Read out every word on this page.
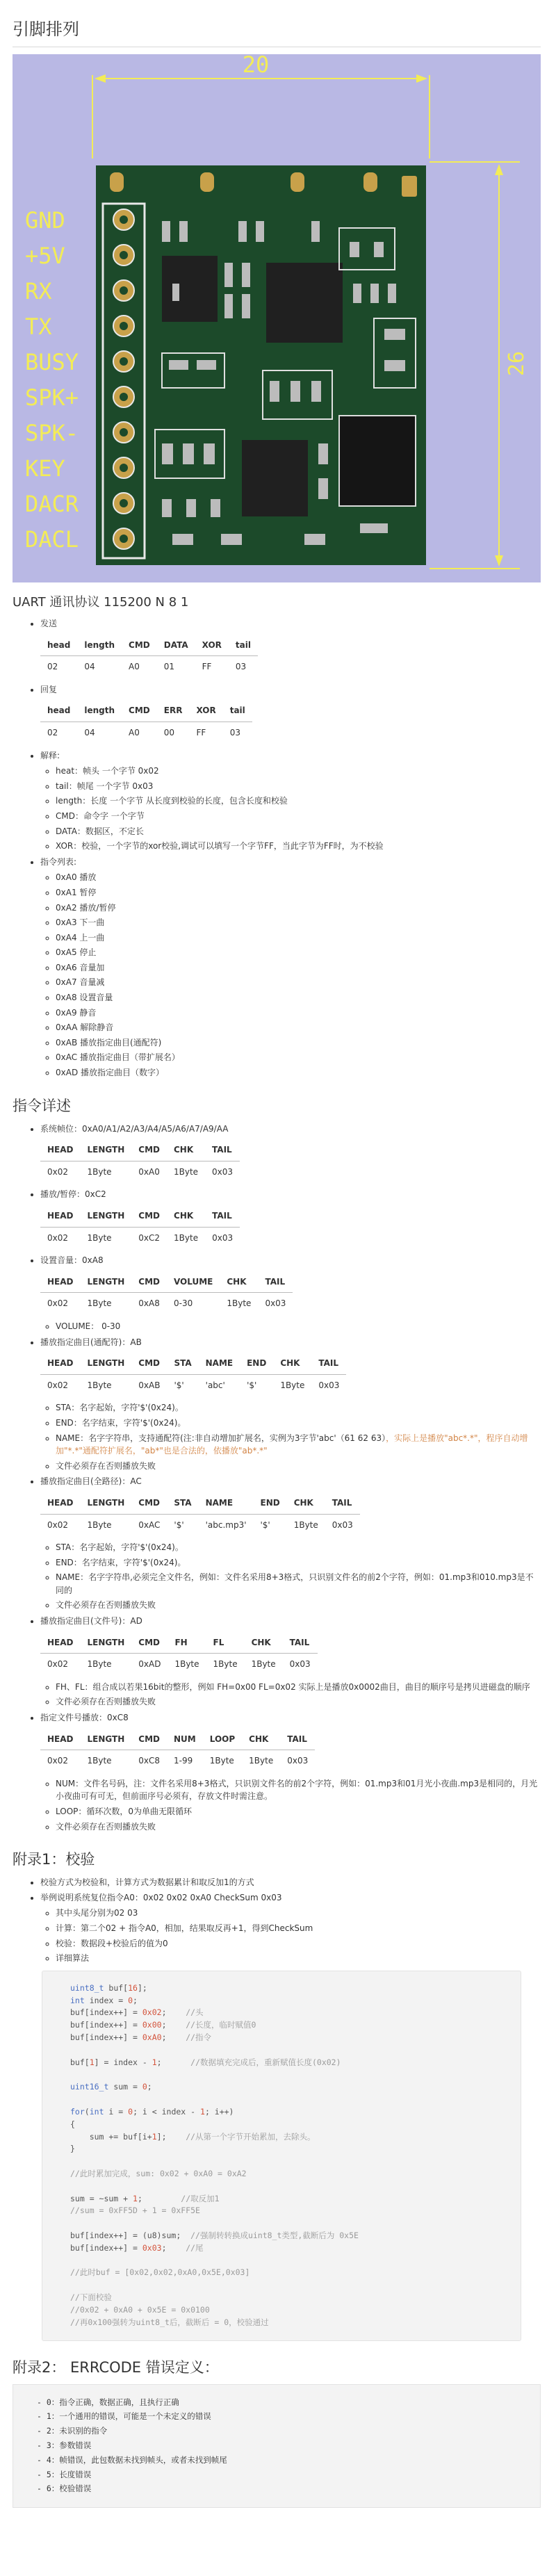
引脚排列
20
26
GND
+5V
RX
TX
BUSY
SPK+
SPK-
KEY
DACR
DACL
UART 通讯协议 115200 N 8 1
• 发送
head	length	CMD	DATA	XOR	tail
02	04	A0	01	FF	03
• 回复
head	length	CMD	ERR	XOR	tail
02	04	A0	00	FF	03
• 解释:
◦ heat：帧头 一个字节 0x02
◦ tail：帧尾 一个字节 0x03
◦ length：长度 一个字节 从长度到校验的长度，包含长度和校验
◦ CMD：命令字 一个字节
◦ DATA：数据区，不定长
◦ XOR：校验，一个字节的xor校验,调试可以填写一个字节FF，当此字节为FF时，为不校验
• 指令列表:
◦ 0xA0 播放
◦ 0xA1 暂停
◦ 0xA2 播放/暂停
◦ 0xA3 下一曲
◦ 0xA4 上一曲
◦ 0xA5 停止
◦ 0xA6 音量加
◦ 0xA7 音量减
◦ 0xA8 设置音量
◦ 0xA9 静音
◦ 0xAA 解除静音
◦ 0xAB 播放指定曲目(通配符)
◦ 0xAC 播放指定曲目（带扩展名）
◦ 0xAD 播放指定曲目（数字）
指令详述
• 系统帧位：0xA0/A1/A2/A3/A4/A5/A6/A7/A9/AA
HEAD	LENGTH	CMD	CHK	TAIL
0x02	1Byte	0xA0	1Byte	0x03
• 播放/暂停：0xC2
HEAD	LENGTH	CMD	CHK	TAIL
0x02	1Byte	0xC2	1Byte	0x03
• 设置音量：0xA8
HEAD	LENGTH	CMD	VOLUME	CHK	TAIL
0x02	1Byte	0xA8	0-30	1Byte	0x03
◦ VOLUME： 0-30
• 播放指定曲目(通配符)：AB
HEAD	LENGTH	CMD	STA	NAME	END	CHK	TAIL
0x02	1Byte	0xAB	'$'	'abc'	'$'	1Byte	0x03
◦ STA：名字起始，字符'$'(0x24)。
◦ END：名字结束，字符'$'(0x24)。
◦ NAME：名字字符串，支持通配符(注:非自动增加扩展名，实例为3字节'abc'（61 62 63），实际上是播放"abc*.*"，程序自动增加"*.*"通配符扩展名，"ab*"也是合法的，依播放"ab*.*"
◦ 文件必须存在否则播放失败
• 播放指定曲目(全路径)：AC
HEAD	LENGTH	CMD	STA	NAME	END	CHK	TAIL
0x02	1Byte	0xAC	'$'	'abc.mp3'	'$'	1Byte	0x03
◦ STA：名字起始，字符'$'(0x24)。
◦ END：名字结束，字符'$'(0x24)。
◦ NAME：名字字符串,必须完全文件名，例如：文件名采用8+3格式，只识别文件名的前2个字符，例如：01.mp3和010.mp3是不同的
◦ 文件必须存在否则播放失败
• 播放指定曲目(文件号)：AD
HEAD	LENGTH	CMD	FH	FL	CHK	TAIL
0x02	1Byte	0xAD	1Byte	1Byte	1Byte	0x03
◦ FH、FL：组合成以若果16bit的整形，例如 FH=0x00 FL=0x02 实际上是播放0x0002曲目，曲目的顺序号是拷贝进磁盘的顺序
◦ 文件必须存在否则播放失败
• 指定文件号播放：0xC8
HEAD	LENGTH	CMD	NUM	LOOP	CHK	TAIL
0x02	1Byte	0xC8	1-99	1Byte	1Byte	0x03
◦ NUM：文件名号码，注：文件名采用8+3格式，只识别文件名的前2个字符，例如：01.mp3和01月光小夜曲.mp3是相同的，月光小夜曲可有可无，但前面序号必须有，存放文件时需注意。
◦ LOOP：循环次数，0为单曲无限循环
◦ 文件必须存在否则播放失败
附录1：校验
• 校验方式为校验和，计算方式为数据累计和取反加1的方式
• 举例说明系统复位指令A0：0x02 0x02 0xA0 CheckSum 0x03
◦ 其中头尾分别为02 03
◦ 计算：第二个02 + 指令A0，相加，结果取反再+1，得到CheckSum
◦ 校验：数据段+校验后的值为0
◦ 详细算法
uint8_t buf[16];
int index = 0;
buf[index++] = 0x02;    //头
buf[index++] = 0x00;    //长度，临时赋值0
buf[index++] = 0xA0;    //指令

buf[1] = index - 1;      //数据填充完成后，重新赋值长度(0x02)

uint16_t sum = 0;

for(int i = 0; i < index - 1; i++)
{
sum += buf[i+1];    //从第一个字节开始累加，去除头。
}

//此时累加完成，sum: 0x02 + 0xA0 = 0xA2

sum = ~sum + 1;        //取反加1
//sum = 0xFF5D + 1 = 0xFF5E

buf[index++] = (u8)sum;  //强制转转换成uint8_t类型,截断后为 0x5E
buf[index++] = 0x03;    //尾

//此时buf = [0x02,0x02,0xA0,0x5E,0x03]

//下面校验
//0x02 + 0xA0 + 0x5E = 0x0100
//再0x100强转为uint8_t后，截断后 = 0，校验通过
附录2： ERRCODE 错误定义：
- 0：指令正确，数据正确，且执行正确
- 1：一个通用的错误，可能是一个未定义的错误
- 2：未识别的指令
- 3：参数错误
- 4：帧错误，此包数据未找到帧头，或者未找到帧尾
- 5：长度错误
- 6：校验错误
